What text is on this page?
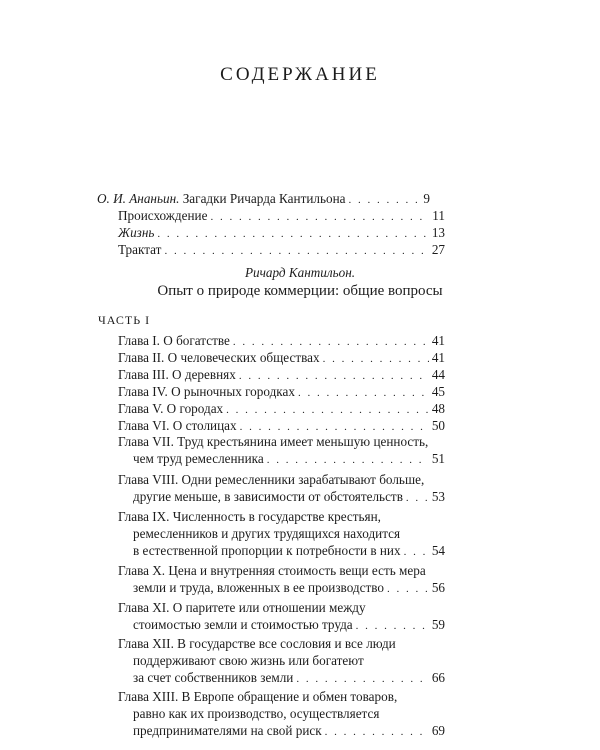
СОДЕРЖАНИЕ
О. И. Ананьин. Загадки Ричарда Кантильона . . .	9
Происхождение . . .	11
Жизнь . . .	13
Трактат . . .	27
Ричард Кантильон.
Опыт о природе коммерции: общие вопросы
ЧАСТЬ I
Глава I. О богатстве . . .	41
Глава II. О человеческих обществах . . .	41
Глава III. О деревнях . . .	44
Глава IV. О рыночных городках . . .	45
Глава V. О городах . . .	48
Глава VI. О столицах . . .	50
Глава VII. Труд крестьянина имеет меньшую ценность,
чем труд ремесленника . . .	51
Глава VIII. Одни ремесленники зарабатывают больше,
другие меньше, в зависимости от обстоятельств . . . 53
Глава IX. Численность в государстве крестьян,
ремесленников и других трудящихся находится
в естественной пропорции к потребности в них . . . 54
Глава X. Цена и внутренняя стоимость вещи есть мера
земли и труда, вложенных в ее производство . . .	56
Глава XI. О паритете или отношении между
стоимостью земли и стоимостью труда . . .	59
Глава XII. В государстве все сословия и все люди
поддерживают свою жизнь или богатеют
за счет собственников земли . . .	66
Глава XIII. В Европе обращение и обмен товаров,
равно как их производство, осуществляется
предпринимателями на свой риск . . .	69
